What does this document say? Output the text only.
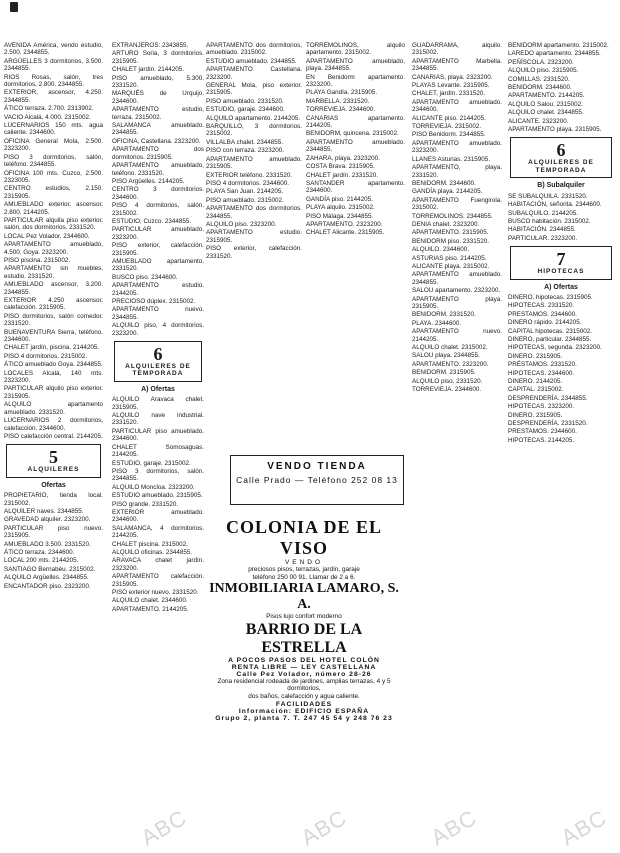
AVENIDA América, vendo estudio, 2.500. 2344855.

ARGÜELLES 3 dormitorios, 3.500. 2344855.

RIOS Rosas, salón, tres dormitorios, 2.800. 2344855.

EXTERIOR, ascensor, 4.250. 2344855.

ÁTICO terraza. 2.700. 2313902.

VACIO Alcalá, 4.000. 2315002.

LUCERNARIOS 150 mts. agua caliente. 2344600.

OFICINA General Mola, 2.500. 2323200.

PISO 3 dormitorios, salón, teléfono. 2344855.

OFICINA 100 mts. Cuzco, 2.500. 2323005.

CENTRO estudios, 2.150. 2315905.

AMUEBLADO exterior, ascensor, 2.800. 2144205.

PARTICULAR alquila piso exterior, salón, dos dormitorios. 2331520.

LOCAL Pez Volador. 2344600.

APARTAMENTO amueblado, 4.500. Goya. 2323200.

PISO piscina. 2315002.

APARTAMENTO sin muebles, estudio. 2331520.

AMUEBLADO ascensor, 3.200. 2344855.

EXTERIOR 4.250 ascensor, calefacción. 2315905.

PISO dormitorios, salón comedor. 2331520.

BUENAVENTURA Sierra, teléfono. 2344600.

CHALET jardín, piscina. 2144205.

PISO 4 dormitorios. 2315002.

ÁTICO amueblado Goya. 2344855.

LOCALES Alcalá, 140 mts. 2323200.

PARTICULAR alquilo piso exterior. 2315905.

ALQUILO apartamento amueblado. 2331520.

LUCERNARIOS 2 dormitorios, calefacción. 2344600.

PISO calefacción central. 2144205.

5
ALQUILERES
Ofertas

PROPIETARIO, tienda local. 2315002.

ALQUILER naves. 2344855.

GRAVEDAD alquiler. 2323200.

PARTICULAR piso nuevo. 2315905.

AMUEBLADO 3.500. 2331520.

ÁTICO terraza. 2344600.

LOCAL 200 mts. 2144205.

SANTIAGO Bernabéu. 2315002.

ALQUILO Argüelles. 2344855.

ENCANTADOR piso. 2323200.

EXTRANJEROS: 2343855.

ARTURO Soria, 3 dormitorios. 2315905.

CHALET jardín. 2144205.

PISO amueblado, 5.300. 2331520.

MARQUÉS de Urquijo. 2344600.

APARTAMENTO estudio, terraza. 2315002.

SALAMANCA amueblado. 2344855.

OFICINA, Castellana. 2323200.

APARTAMENTO dos dormitorios. 2315905.

APARTAMENTO amueblado, teléfono. 2331520.

PISO Argüelles. 2144205.

CENTRO 3 dormitorios. 2344600.

PISO 4 dormitorios, salón. 2315002.

ESTUDIO, Cuzco. 2344855.

PARTICULAR amueblado. 2323200.

PISO exterior, calefacción. 2315905.

AMUEBLADO apartamento. 2331520.

BUSCO piso. 2344600.

APARTAMENTO estudio. 2144205.

PRECIOSO dúplex. 2315002.

APARTAMENTO nuevo. 2344855.

ALQUILO piso, 4 dormitorios. 2323200.

6
ALQUILERES DE TEMPORADA
A) Ofertas

ALQUILO Aravaca chalet. 2315905.

ALQUILO nave industrial. 2331520.

PARTICULAR piso amueblado. 2344600.

CHALET Somosaguas. 2144205.

ESTUDIO, garaje. 2315002.

PISO 3 dormitorios, salón. 2344855.

ALQUILO Moncloa. 2323200.

ESTUDIO amueblado. 2315905.

PISO grande. 2331520.

EXTERIOR amueblado. 2344600.

SALAMANCA, 4 dormitorios. 2144205.

CHALET piscina. 2315002.

ALQUILO oficinas. 2344855.

ARAVACA chalet jardín. 2323200.

APARTAMENTO calefacción. 2315905.

PISO exterior nuevo. 2331520.

ALQUILO chalet. 2344600.

APARTAMENTO. 2144205.

APARTAMENTO dos dormitorios, amueblado. 2315002.

ESTUDIO amueblado. 2344855.

APARTAMENTO Castellana. 2323200.

GENERAL Mola, piso exterior. 2315905.

PISO amueblado. 2331520.

ESTUDIO, garaje. 2344600.

ALQUILO apartamento. 2144205.

BARQUILLO, 3 dormitorios. 2315002.

VILLALBA chalet. 2344855.

PISO con terraza. 2323200.

APARTAMENTO amueblado. 2315905.

EXTERIOR teléfono. 2331520.

PISO 4 dormitorios. 2344600.

PLAYA San Juan. 2144205.

PISO amueblado. 2315002.

APARTAMENTO dos dormitorios. 2344855.

ALQUILO piso. 2323200.

APARTAMENTO estudio. 2315905.

PISO exterior, calefacción. 2331520.

TORREMOLINOS, alquilo apartamento. 2315002.

APARTAMENTO amueblado, playa. 2344855.

EN Benidorm apartamento. 2323200.

PLAYA Gandía. 2315905.

MARBELLA. 2331520.

TORREVIEJA. 2344600.

CANARIAS apartamento. 2144205.

BENIDORM, quincena. 2315002.

APARTAMENTO amueblado. 2344855.

ZAHARA, playa. 2323200.

COSTA Brava. 2315905.

CHALET jardín. 2331520.

SANTANDER apartamento. 2344600.

GANDÍA piso. 2144205.

PLAYA alquilo. 2315002.

PISO Málaga. 2344855.

APARTAMENTO. 2323200.

CHALET Alicante. 2315905.

GUADARRAMA, alquilo. 2315002.

APARTAMENTO Marbella. 2344855.

CANARIAS, playa. 2323200.

PLAYAS Levante. 2315905.

CHALET, jardín. 2331520.

APARTAMENTO amueblado. 2344600.

ALICANTE piso. 2144205.

TORREVIEJA. 2315002.

PISO Benidorm. 2344855.

APARTAMENTO amueblado. 2323200.

LLANES Asturias. 2315905.

APARTAMENTO, playa. 2331520.

BENIDORM. 2344600.

GANDÍA playa. 2144205.

APARTAMENTO Fuengirola. 2315002.

TORREMOLINOS. 2344855.

DENIA chalet. 2323200.

APARTAMENTO. 2315905.

BENIDORM piso. 2331520.

ALQUILO. 2344600.

ASTURIAS piso. 2144205.

ALICANTE playa. 2315002.

APARTAMENTO amueblado. 2344855.

SALOU apartamento. 2323200.

APARTAMENTO playa. 2315905.

BENIDORM. 2331520.

PLAYA. 2344600.

APARTAMENTO nuevo. 2144205.

ALQUILO chalet. 2315002.

SALOU playa. 2344855.

APARTAMENTO. 2323200.

BENIDORM. 2315905.

ALQUILO piso. 2331520.

TORREVIEJA. 2344600.

BENIDORM apartamento. 2315002.

LAREDO apartamento. 2344855.

PEÑÍSCOLA. 2323200.

ALQUILO piso. 2315905.

COMILLAS. 2331520.

BENIDORM. 2344600.

APARTAMENTO. 2144205.

ALQUILO Salou. 2315002.

ALQUILO chalet. 2344855.

ALICANTE. 2323200.

APARTAMENTO playa. 2315905.

6
ALQUILERES DE TEMPORADA
B) Subalquiler

SE SUBALQUILA. 2331520.

HABITACIÓN, señorita. 2344600.

SUBALQUILO. 2144205.

BUSCO habitación. 2315002.

HABITACIÓN. 2344855.

PARTICULAR. 2323200.

7
HIPOTECAS
A) Ofertas

DINERO, hipotecas. 2315905.

HIPOTECAS. 2331520.

PRESTAMOS. 2344600.

DINERO rápido. 2144205.

CAPITAL hipotecas. 2315002.

DINERO, particular. 2344855.

HIPOTECAS, segunda. 2323200.

DINERO. 2315905.

PRÉSTAMOS. 2331520.

HIPOTECAS. 2344600.

DINERO. 2144205.

CAPITAL. 2315002.

DESPRENDERÍA. 2344855.

HIPOTECAS. 2323200.

DINERO. 2315905.

DESPRENDERÍA. 2331520.

PRESTAMOS. 2344600.

HIPOTECAS. 2144205.

VENDO TIENDA
Calle Prado — Teléfono 252 08 13
COLONIA DE EL VISO
VENDO
preciosos pisos, terrazas, jardín, garaje
teléfono 250 00 91. Llamar de 2 a 6.
INMOBILIARIA LAMARO, S. A.
Pisos lujo confort moderno
BARRIO DE LA ESTRELLA
A POCOS PASOS DEL HOTEL COLÓN
RENTA LIBRE — LEY CASTELLANA
Calle Pez Volador, número 28-26
Zona residencial rodeada de jardines, amplias terrazas, 4 y 5 dormitorios,
dos baños, calefacción y agua caliente.
FACILIDADES
Información: EDIFICIO ESPAÑA
Grupo 2, planta 7. T. 247 45 54 y 248 76 23
ABC	ABC	ABC	ABC
